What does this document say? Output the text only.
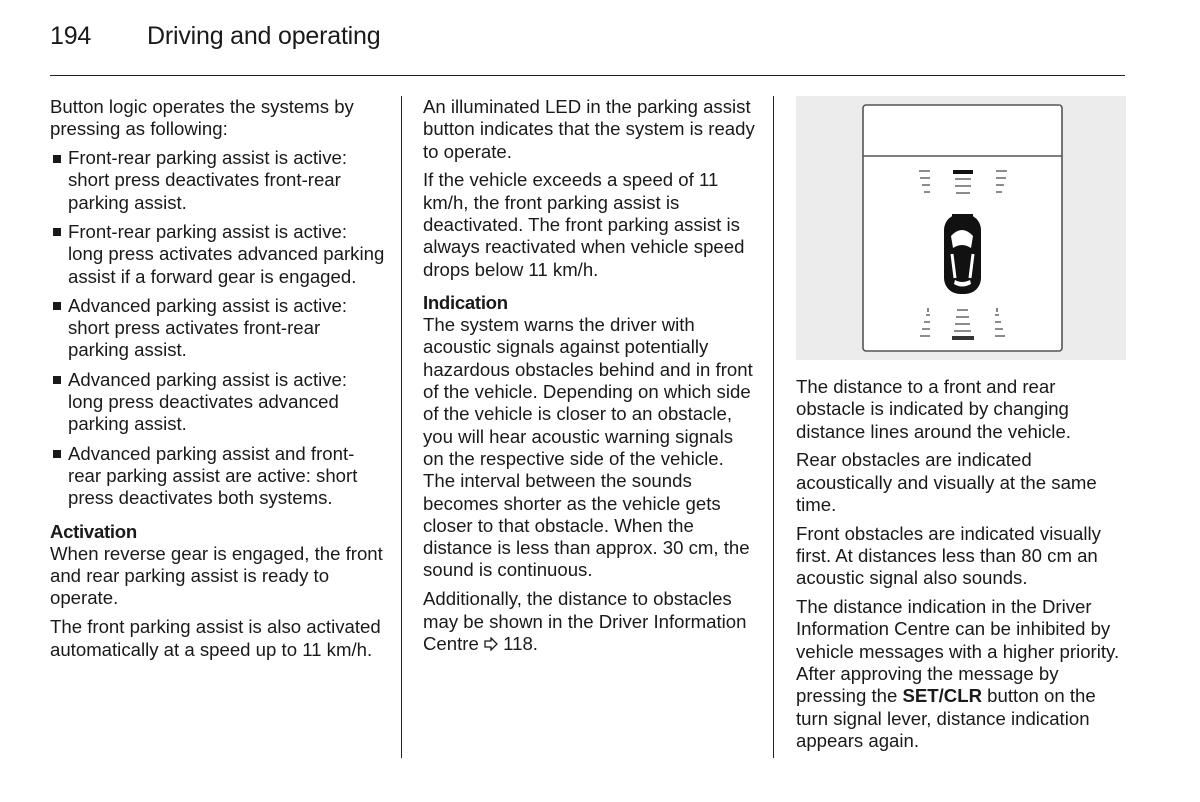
194 Driving and operating

Button logic operates the systems by pressing as following:

Front-rear parking assist is active: short press deactivates front-rear parking assist.
Front-rear parking assist is active: long press activates advanced parking assist if a forward gear is engaged.
Advanced parking assist is active: short press activates front-rear parking assist.
Advanced parking assist is active: long press deactivates advanced parking assist.
Advanced parking assist and front-rear parking assist are active: short press deactivates both systems.
Activation

When reverse gear is engaged, the front and rear parking assist is ready to operate.

The front parking assist is also activated automatically at a speed up to 11 km/h.

An illuminated LED in the parking assist button indicates that the system is ready to operate.

If the vehicle exceeds a speed of 11 km/h, the front parking assist is deactivated. The front parking assist is always reactivated when vehicle speed drops below 11 km/h.

Indication

The system warns the driver with acoustic signals against potentially hazardous obstacles behind and in front of the vehicle. Depending on which side of the vehicle is closer to an obstacle, you will hear acoustic warning signals on the respective side of the vehicle. The interval between the sounds becomes shorter as the vehicle gets closer to that obstacle. When the distance is less than approx. 30 cm, the sound is continuous.

Additionally, the distance to obstacles may be shown in the Driver Information Centre  118.

The distance to a front and rear obstacle is indicated by changing distance lines around the vehicle.

Rear obstacles are indicated acoustically and visually at the same time.

Front obstacles are indicated visually first. At distances less than 80 cm an acoustic signal also sounds.

The distance indication in the Driver Information Centre can be inhibited by vehicle messages with a higher priority. After approving the message by pressing the SET/CLR button on the turn signal lever, distance indication appears again.
